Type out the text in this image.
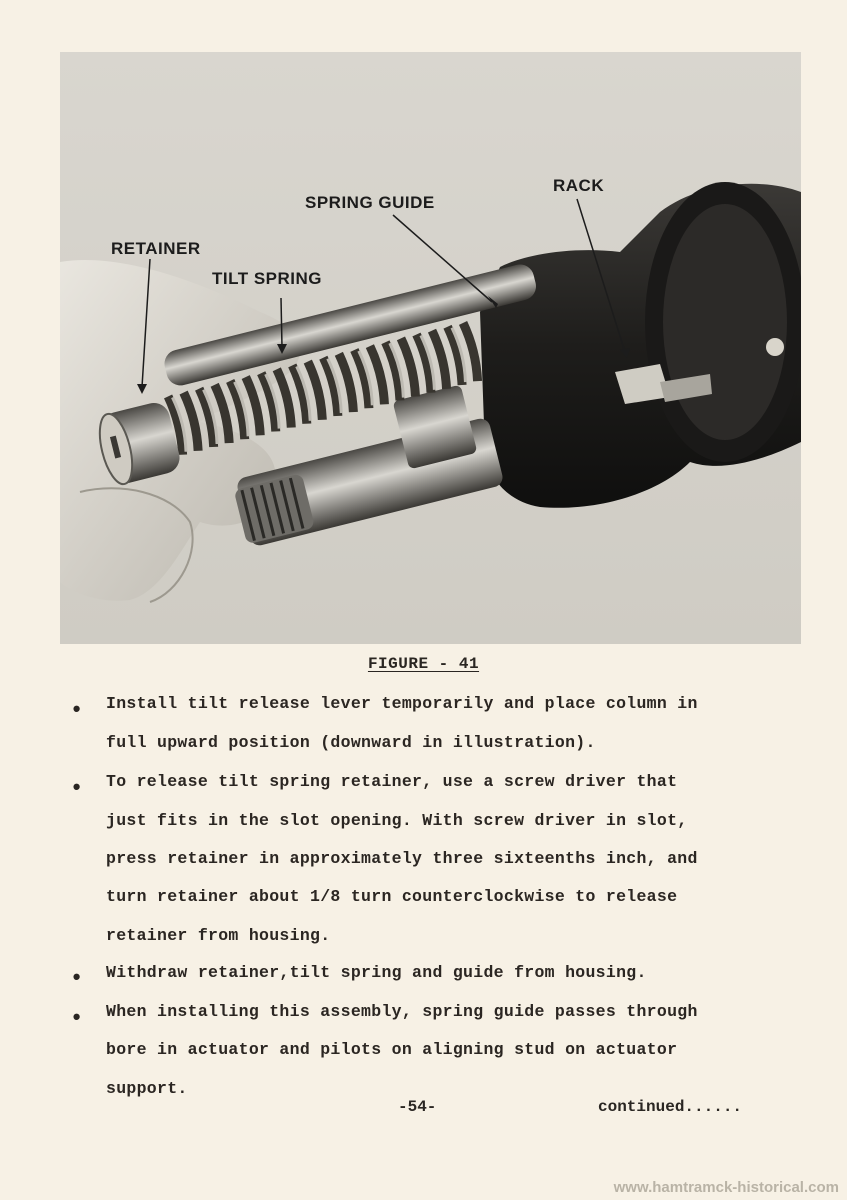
RETAINER
TILT SPRING
SPRING GUIDE
RACK
FIGURE - 41
• Install tilt release lever temporarily and place column in
full upward position (downward in illustration).
• To release tilt spring retainer, use a screw driver that
just fits in the slot opening. With screw driver in slot,
press retainer in approximately three sixteenths inch, and
turn retainer about 1/8 turn counterclockwise to release
retainer from housing.
• Withdraw retainer,tilt spring and guide from housing.
• When installing this assembly, spring guide passes through
bore in actuator and pilots on aligning stud on actuator
support.
-54-	continued......
www.hamtramck-historical.com
